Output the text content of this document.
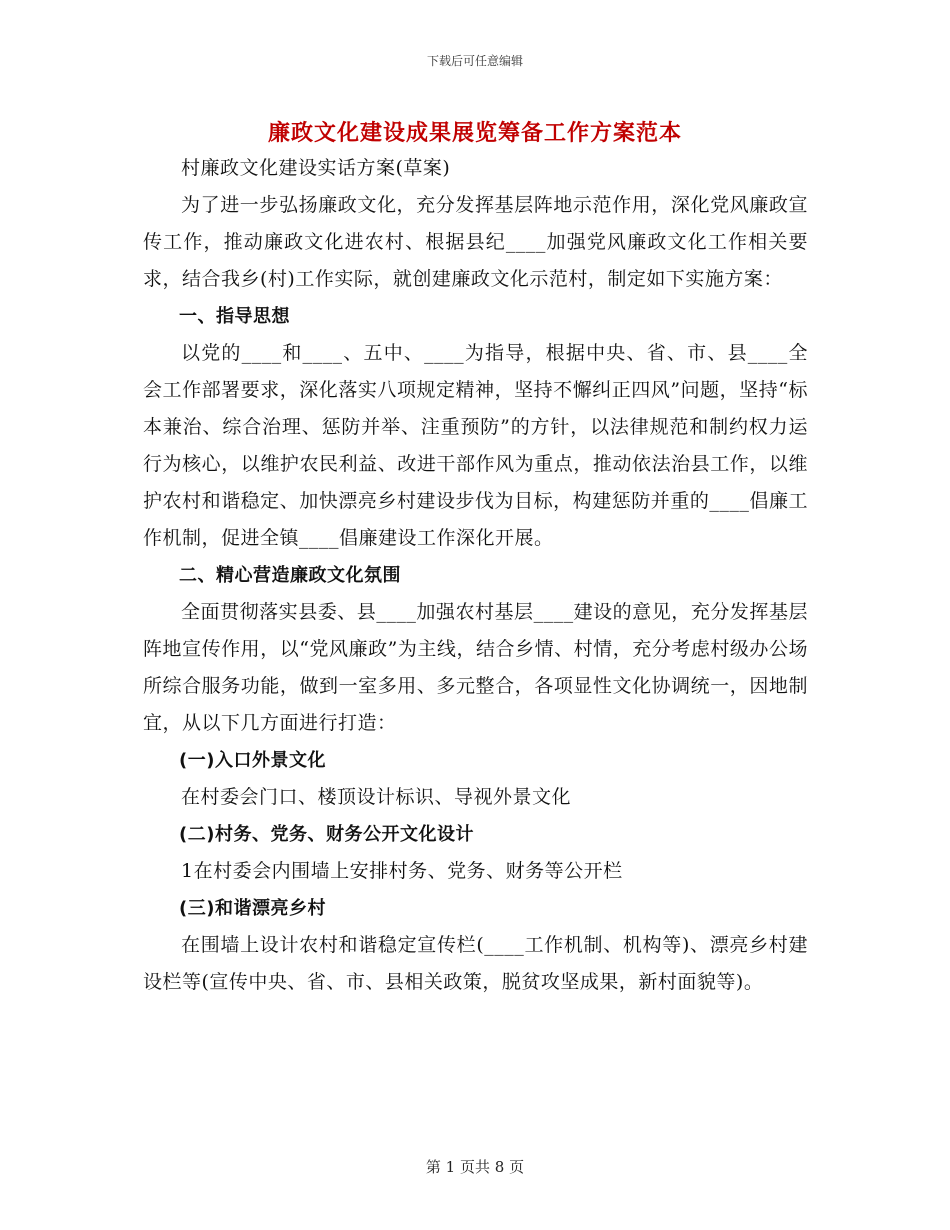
下载后可任意编辑
廉政文化建设成果展览筹备工作方案范本

村廉政文化建设实话方案(草案)

为了进一步弘扬廉政文化，充分发挥基层阵地示范作用，深化党风廉政宣传工作，推动廉政文化进农村、根据县纪____加强党风廉政文化工作相关要求，结合我乡(村)工作实际，就创建廉政文化示范村，制定如下实施方案：

一、指导思想

以党的____和____、五中、____为指导，根据中央、省、市、县____全会工作部署要求，深化落实八项规定精神，坚持不懈纠正四风”问题，坚持“标本兼治、综合治理、惩防并举、注重预防”的方针，以法律规范和制约权力运行为核心，以维护农民利益、改进干部作风为重点，推动依法治县工作，以维护农村和谐稳定、加快漂亮乡村建设步伐为目标，构建惩防并重的____倡廉工作机制，促进全镇____倡廉建设工作深化开展。

二、精心营造廉政文化氛围

全面贯彻落实县委、县____加强农村基层____建设的意见，充分发挥基层阵地宣传作用，以“党风廉政”为主线，结合乡情、村情，充分考虑村级办公场所综合服务功能，做到一室多用、多元整合，各项显性文化协调统一，因地制宜，从以下几方面进行打造：

(一)入口外景文化

在村委会门口、楼顶设计标识、导视外景文化

(二)村务、党务、财务公开文化设计

1在村委会内围墙上安排村务、党务、财务等公开栏

(三)和谐漂亮乡村

在围墙上设计农村和谐稳定宣传栏(____工作机制、机构等)、漂亮乡村建设栏等(宣传中央、省、市、县相关政策，脱贫攻坚成果，新村面貌等)。

第 1 页共 8 页
